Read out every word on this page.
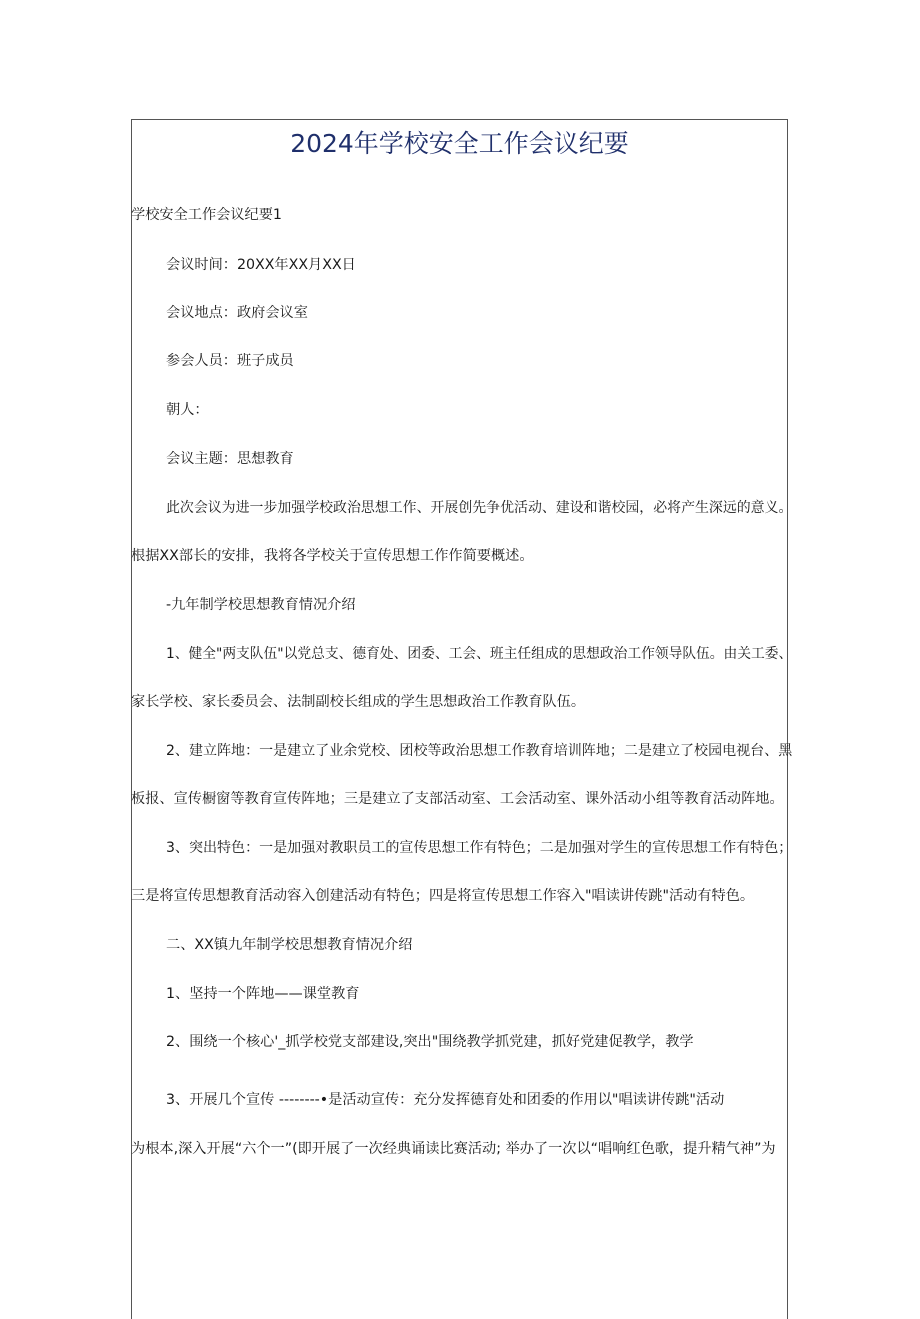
2024年学校安全工作会议纪要
学校安全工作会议纪要1
会议时间：20XX年XX月XX日
会议地点：政府会议室
参会人员：班子成员
朝人：
会议主题：思想教育
此次会议为进一步加强学校政治思想工作、开展创先争优活动、建设和谐校园，必将产生深远的意义。
根据XX部长的安排，我将各学校关于宣传思想工作作简要概述。
-九年制学校思想教育情况介绍
1、健全"两支队伍"以党总支、德育处、团委、工会、班主任组成的思想政治工作领导队伍。由关工委、
家长学校、家长委员会、法制副校长组成的学生思想政治工作教育队伍。
2、建立阵地：一是建立了业余党校、团校等政治思想工作教育培训阵地；二是建立了校园电视台、黑
板报、宣传橱窗等教育宣传阵地；三是建立了支部活动室、工会活动室、课外活动小组等教育活动阵地。
3、突出特色：一是加强对教职员工的宣传思想工作有特色；二是加强对学生的宣传思想工作有特色；
三是将宣传思想教育活动容入创建活动有特色；四是将宣传思想工作容入"唱读讲传跳"活动有特色。
二、XX镇九年制学校思想教育情况介绍
1、坚持一个阵地——课堂教育
2、围绕一个核心'_抓学校党支部建设,突出"围绕教学抓党建，抓好党建促教学，教学
3、开展几个宣传 --------•是活动宣传：充分发挥德育处和团委的作用以"唱读讲传跳"活动
为根本,深入开展“六个一”(即开展了一次经典诵读比赛活动; 举办了一次以“唱响红色歌，提升精气神”为
